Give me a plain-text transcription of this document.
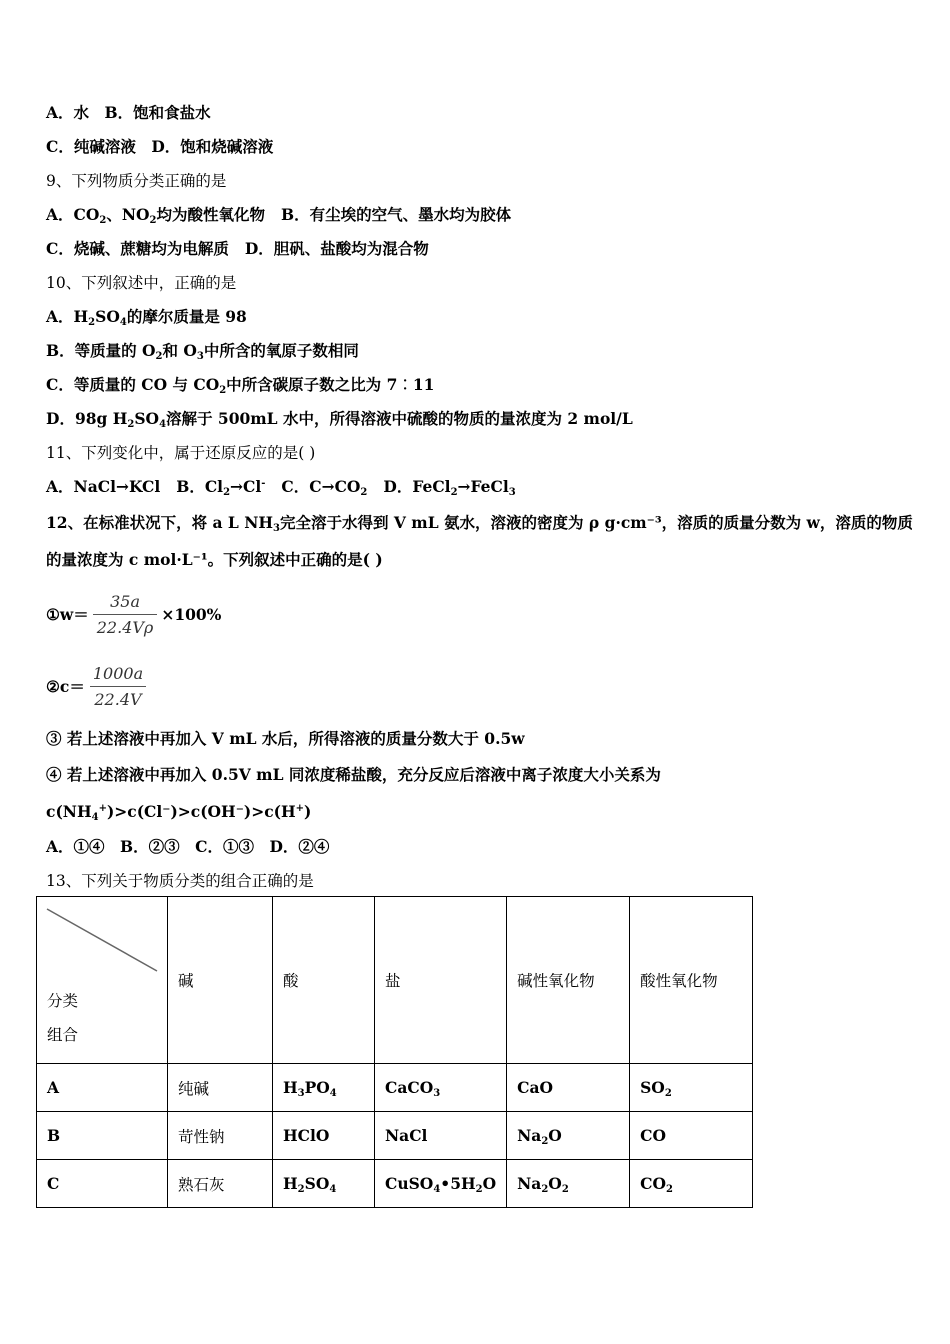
A．水　B．饱和食盐水
C．纯碱溶液　D．饱和烧碱溶液
9、下列物质分类正确的是
A．$CO_2$、$NO_2$均为酸性氧化物 B．有尘埃的空气、墨水均为胶体
C．烧碱、蔗糖均为电解质 D．胆矾、盐酸均为混合物
10、下列叙述中，正确的是
A．$H_2SO_4$的摩尔质量是 98
B．等质量的 $O_2$和 $O_3$中所含的氧原子数相同
C．等质量的 CO 与 $CO_2$中所含碳原子数之比为 7︰11
D．98g $H_2SO_4$溶解于 500mL 水中，所得溶液中硫酸的物质的量浓度为 2 mol/L
11、下列变化中，属于还原反应的是( )
A．NaCl→KCl B．$Cl_2\to Cl^-$ C．$C\to CO_2$ D．FeCl$_2$→FeCl$_3$
12、在标准状况下，将 a L $NH_3$完全溶于水得到 V mL 氨水，溶液的密度为 ρ g·cm⁻³，溶质的质量分数为 w，溶质的物质的量浓度为 c mol·L⁻¹。下列叙述中正确的是( )
①w＝ $\frac{35a}{22.4V\rho} \times 100\%$
②c＝ $\frac{1000a}{22.4V}$
③ 若上述溶液中再加入 V mL 水后，所得溶液的质量分数大于 0.5w
④ 若上述溶液中再加入 0.5V mL 同浓度稀盐酸，充分反应后溶液中离子浓度大小关系为 $c(NH_4^+)>c(Cl^-)>c(OH^-)>c(H^+)$
A．①④　B．②③　C．①③　D．②④
13、下列关于物质分类的组合正确的是
分类
组合	碱	酸	盐	碱性氧化物	酸性氧化物
A	纯碱	$H_3PO_4$	CaCO$_3$	CaO	$SO_2$
B	苛性钠	HClO	NaCl	$Na_2O$	CO
C	熟石灰	$H_2SO_4$	$CuSO_4•5H_2O$	$Na_2O_2$	$CO_2$
